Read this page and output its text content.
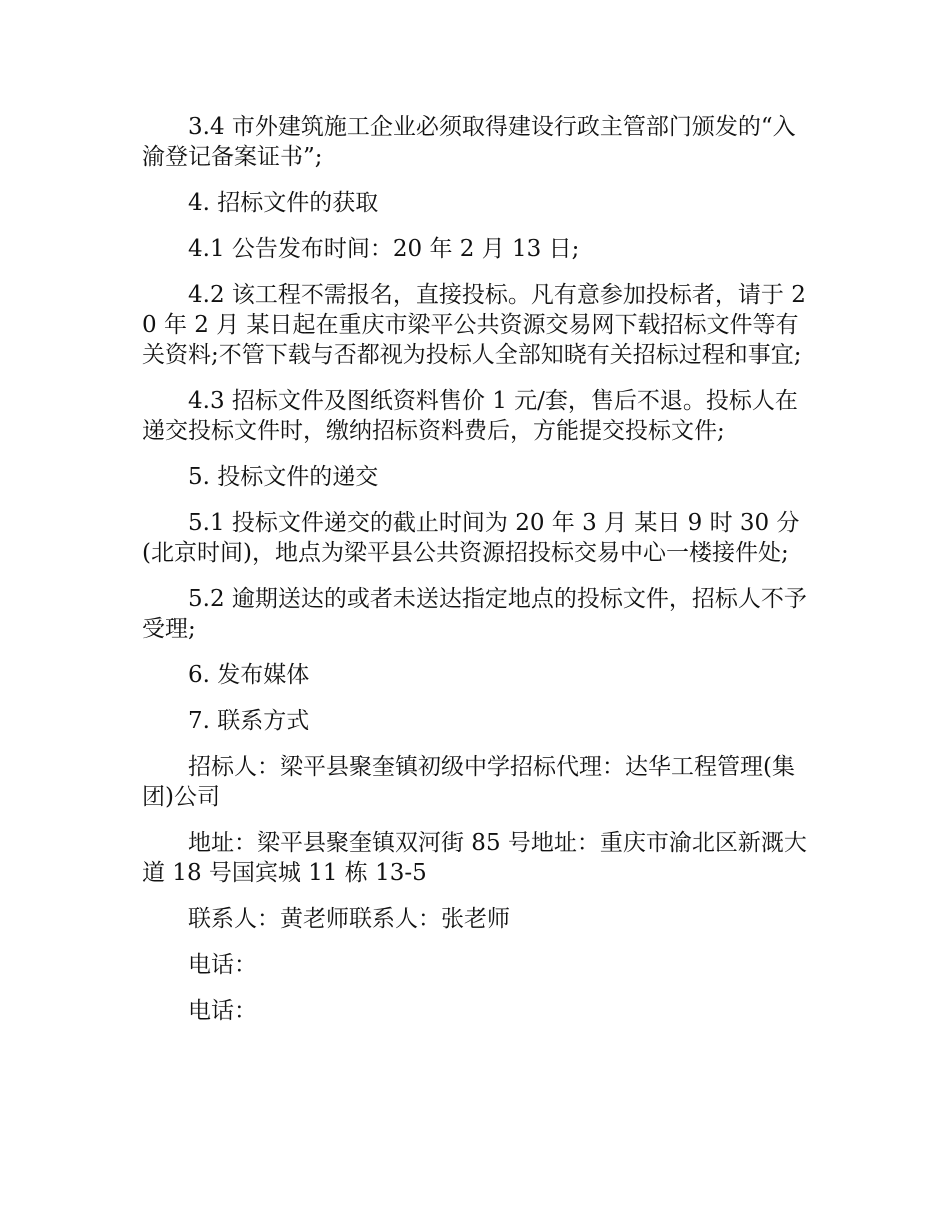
3.4 市外建筑施工企业必须取得建设行政主管部门颁发的“入渝登记备案证书”;

4. 招标文件的获取

4.1 公告发布时间：20 年 2 月 13 日;

4.2 该工程不需报名，直接投标。凡有意参加投标者，请于 20 年 2 月 某日起在重庆市梁平公共资源交易网下载招标文件等有关资料;不管下载与否都视为投标人全部知晓有关招标过程和事宜;

4.3 招标文件及图纸资料售价 1 元/套，售后不退。投标人在递交投标文件时，缴纳招标资料费后，方能提交投标文件;

5. 投标文件的递交

5.1 投标文件递交的截止时间为 20 年 3 月 某日 9 时 30 分(北京时间)，地点为梁平县公共资源招投标交易中心一楼接件处;

5.2 逾期送达的或者未送达指定地点的投标文件，招标人不予受理;

6. 发布媒体

7. 联系方式

招标人：梁平县聚奎镇初级中学招标代理：达华工程管理(集团)公司

地址：梁平县聚奎镇双河街 85 号地址：重庆市渝北区新溉大道 18 号国宾城 11 栋 13-5

联系人：黄老师联系人：张老师

电话：

电话：
